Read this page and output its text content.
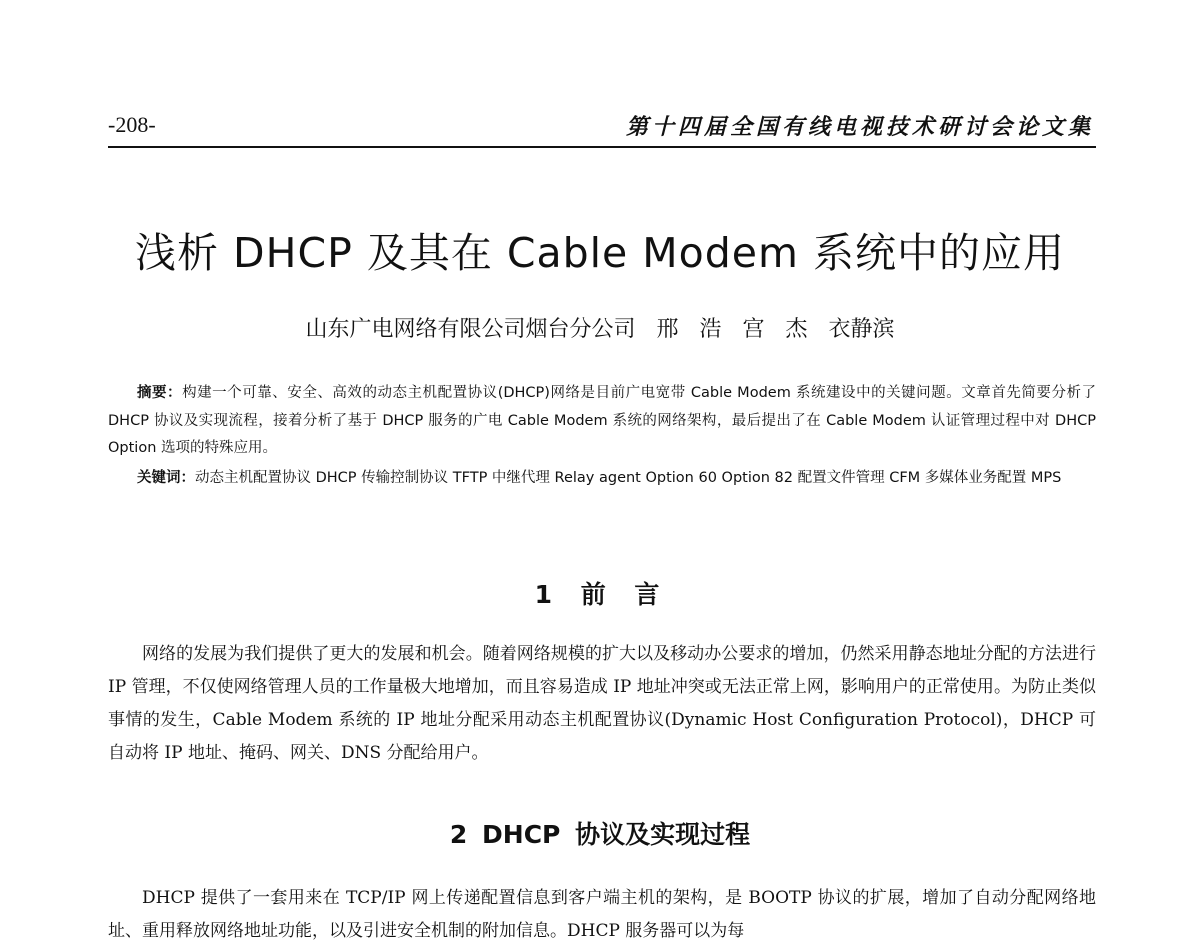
-208-	第十四届全国有线电视技术研讨会论文集
浅析 DHCP 及其在 Cable Modem 系统中的应用
山东广电网络有限公司烟台分公司 邢 浩 宫 杰 衣静滨

摘要：构建一个可靠、安全、高效的动态主机配置协议(DHCP)网络是目前广电宽带 Cable Modem 系统建设中的关键问题。文章首先简要分析了 DHCP 协议及实现流程，接着分析了基于 DHCP 服务的广电 Cable Modem 系统的网络架构，最后提出了在 Cable Modem 认证管理过程中对 DHCP Option 选项的特殊应用。

关键词：动态主机配置协议 DHCP 传输控制协议 TFTP 中继代理 Relay agent Option 60 Option 82 配置文件管理 CFM 多媒体业务配置 MPS

1 前 言

网络的发展为我们提供了更大的发展和机会。随着网络规模的扩大以及移动办公要求的增加，仍然采用静态地址分配的方法进行 IP 管理，不仅使网络管理人员的工作量极大地增加，而且容易造成 IP 地址冲突或无法正常上网，影响用户的正常使用。为防止类似事情的发生，Cable Modem 系统的 IP 地址分配采用动态主机配置协议(Dynamic Host Configuration Protocol)，DHCP 可自动将 IP 地址、掩码、网关、DNS 分配给用户。

2 DHCP 协议及实现过程

DHCP 提供了一套用来在 TCP/IP 网上传递配置信息到客户端主机的架构，是 BOOTP 协议的扩展，增加了自动分配网络地址、重用释放网络地址功能，以及引进安全机制的附加信息。DHCP 服务器可以为每
